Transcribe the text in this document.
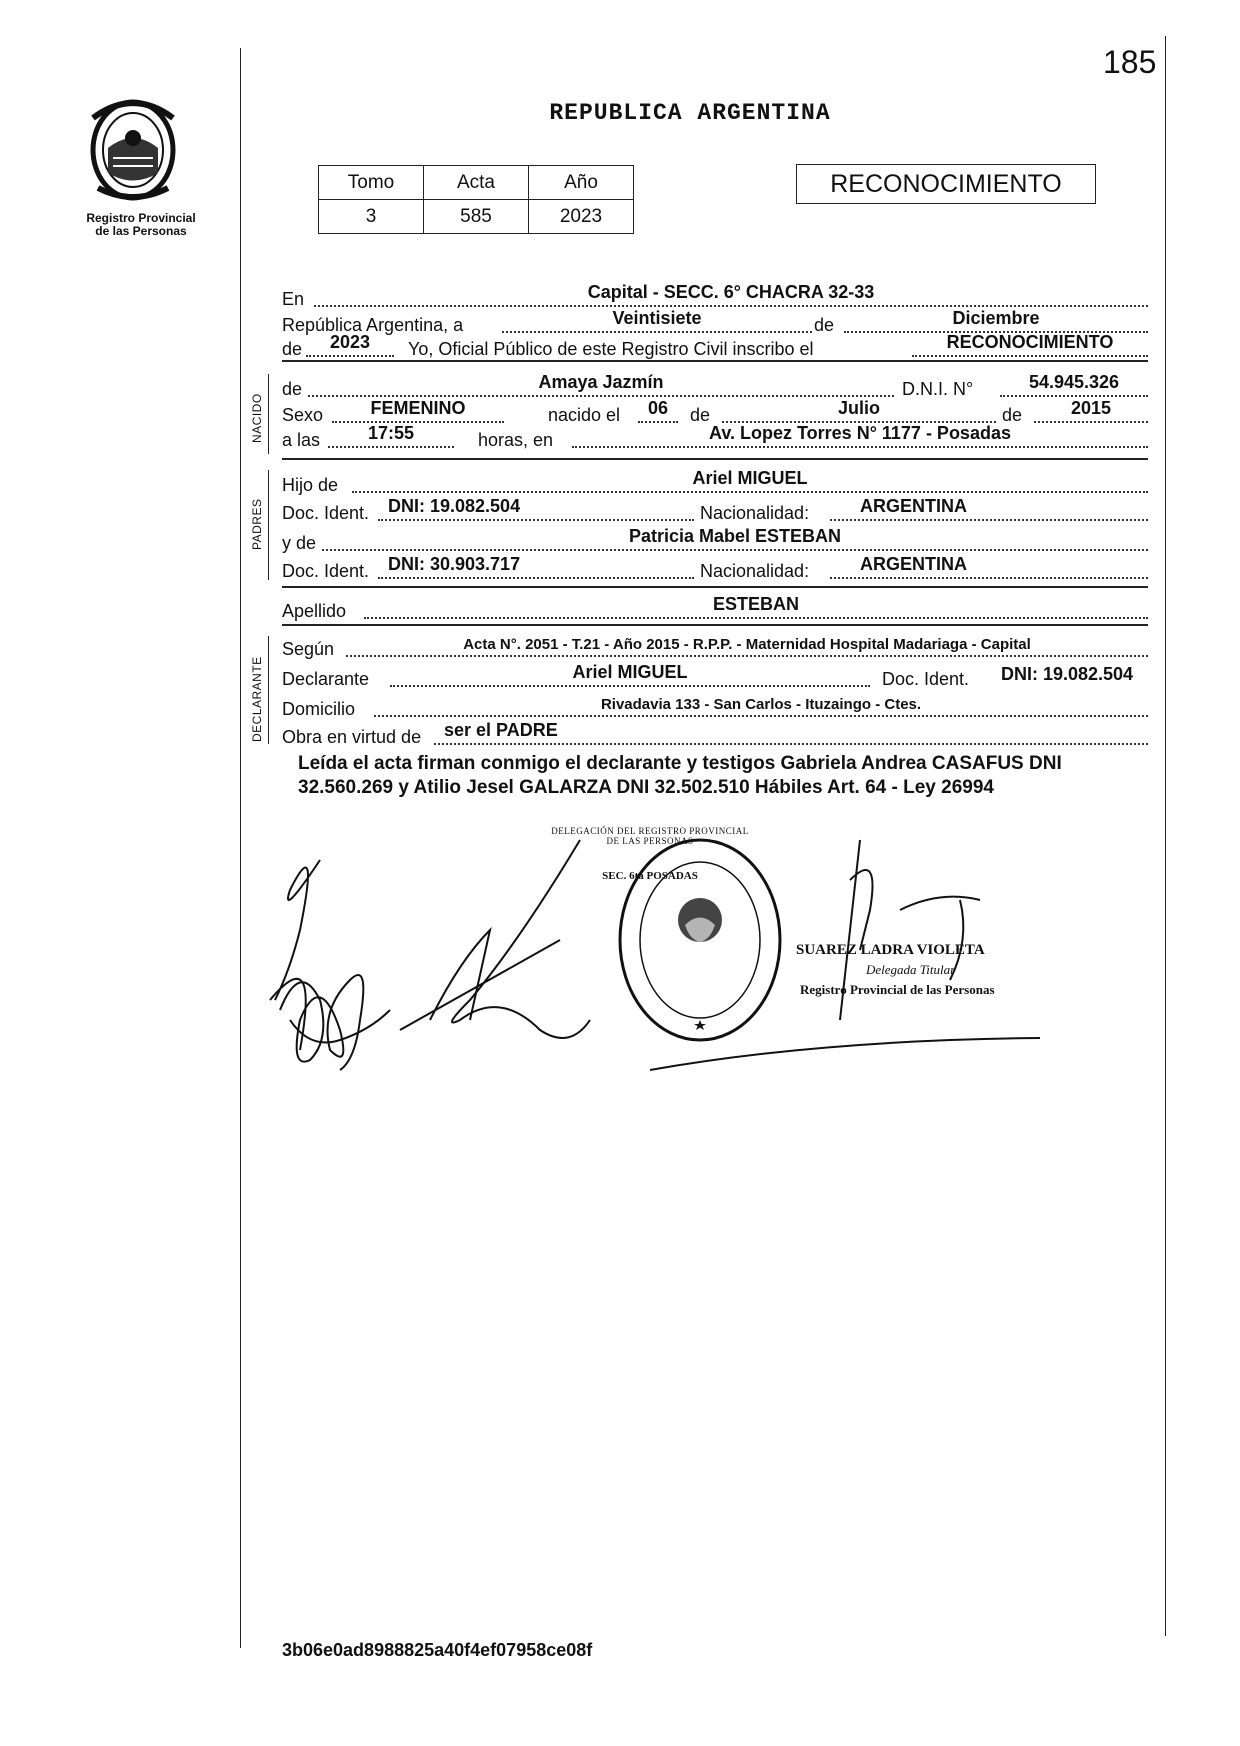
185
Registro Provincial
de las Personas
REPUBLICA ARGENTINA
Tomo	Acta	Año
3	585	2023
RECONOCIMIENTO
En	Capital - SECC. 6° CHACRA 32-33
República Argentina, a	Veintisiete	de	Diciembre
de	2023	Yo, Oficial Público de este Registro Civil inscribo el	RECONOCIMIENTO
NACIDO
de	Amaya Jazmín	D.N.I. N°	54.945.326
Sexo	FEMENINO	nacido el	06	de	Julio	de	2015
a las	17:55	horas, en	Av. Lopez Torres N° 1177 - Posadas
PADRES
Hijo de	Ariel MIGUEL
Doc. Ident.	DNI: 19.082.504	Nacionalidad:	ARGENTINA
y de	Patricia Mabel ESTEBAN
Doc. Ident.	DNI: 30.903.717	Nacionalidad:	ARGENTINA
Apellido	ESTEBAN
DECLARANTE
Según	Acta N°. 2051 - T.21 - Año 2015 - R.P.P. - Maternidad Hospital Madariaga - Capital
Declarante	Ariel MIGUEL	Doc. Ident.	DNI: 19.082.504
Domicilio	Rivadavia 133 - San Carlos - Ituzaingo - Ctes.
Obra en virtud de	ser el PADRE
Leída el acta firman conmigo el declarante y testigos Gabriela Andrea CASAFUS DNI 32.560.269 y Atilio Jesel GALARZA DNI 32.502.510 Hábiles Art. 64 - Ley 26994
SEC. 6ta POSADAS
DELEGACIÓN DEL REGISTRO PROVINCIAL DE LAS PERSONAS
SUAREZ LADRA VIOLETA
Delegada Titular
Registro Provincial de las Personas
3b06e0ad8988825a40f4ef07958ce08f
